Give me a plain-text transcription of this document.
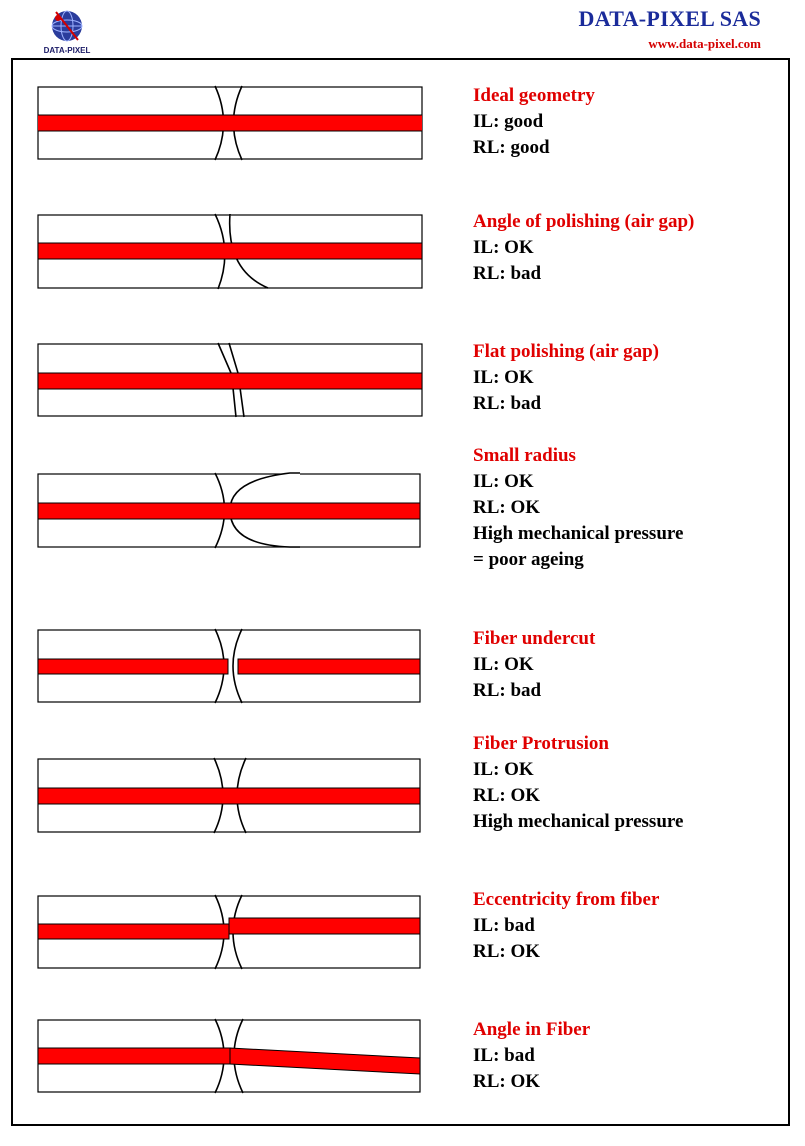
DATA-PIXEL
DATA-PIXEL SAS
www.data-pixel.com
Ideal geometry
IL: good
RL: good
Angle of polishing (air gap)
IL: OK
RL: bad
Flat polishing (air gap)
IL: OK
RL: bad
Small radius
IL: OK
RL: OK
High mechanical pressure
= poor ageing
Fiber undercut
IL: OK
RL: bad
Fiber Protrusion
IL: OK
RL: OK
High mechanical pressure
Eccentricity from fiber
IL: bad
RL: OK
Angle in Fiber
IL: bad
RL: OK
